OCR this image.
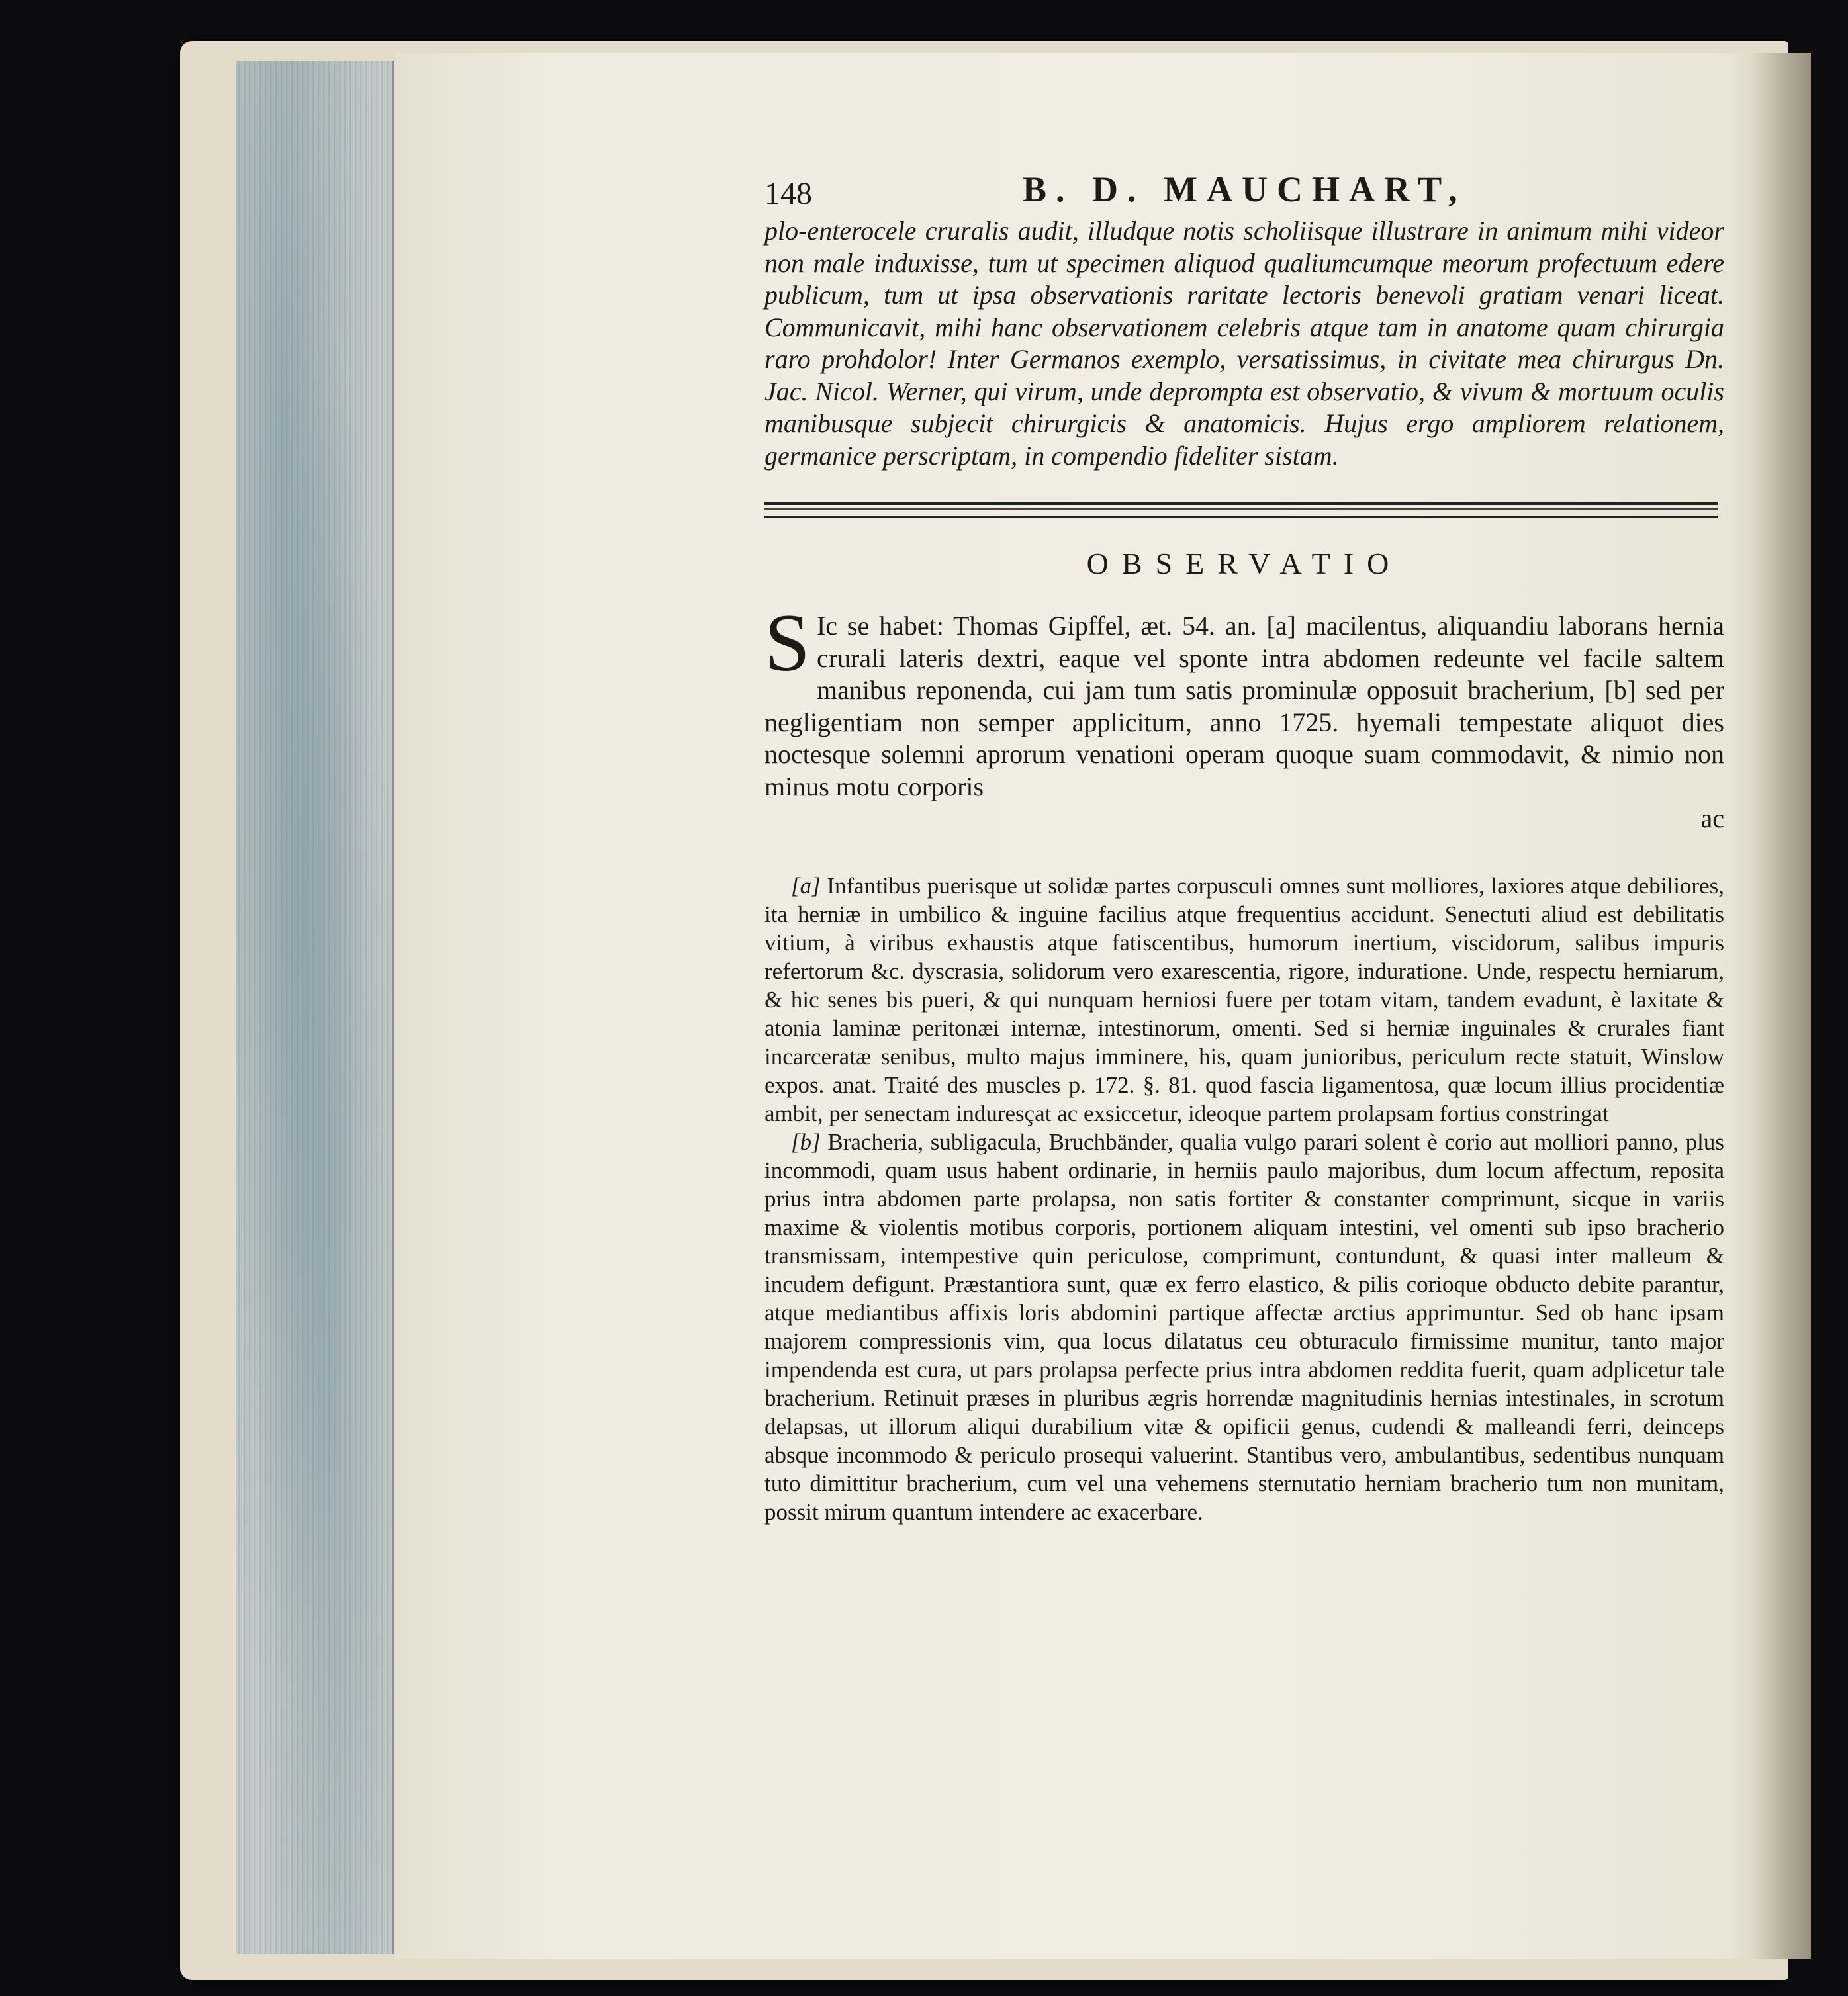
148	B. D. MAUCHART,

plo-enterocele cruralis audit, illudque notis scholiisque illustrare in animum mihi videor non male induxisse, tum ut specimen aliquod qualiumcumque meorum profectuum edere publicum, tum ut ipsa observationis raritate lectoris benevoli gratiam venari liceat. Communicavit, mihi hanc observationem celebris atque tam in anatome quam chirurgia raro prohdolor! Inter Germanos exemplo, versatissimus, in civitate mea chirurgus Dn. Jac. Nicol. Werner, qui virum, unde deprompta est observatio, & vivum & mortuum oculis manibusque subjecit chirurgicis & anatomicis. Hujus ergo ampliorem relationem, germanice perscriptam, in compendio fideliter sistam.

OBSERVATIO

S Ic se habet: Thomas Gipffel, æt. 54. an. [a] macilentus, aliquandiu laborans hernia crurali lateris dextri, eaque vel sponte intra abdomen redeunte vel facile saltem manibus reponenda, cui jam tum satis prominulæ opposuit bracherium, [b] sed per negligentiam non semper applicitum, anno 1725. hyemali tempestate aliquot dies noctesque solemni aprorum venationi operam quoque suam commodavit, & nimio non minus motu corporis

ac

[a] Infantibus puerisque ut solidæ partes corpusculi omnes sunt molliores, laxiores atque debiliores, ita herniæ in umbilico & inguine facilius atque frequentius accidunt. Senectuti aliud est debilitatis vitium, à viribus exhaustis atque fatiscentibus, humorum inertium, viscidorum, salibus impuris refertorum &c. dyscrasia, solidorum vero exarescentia, rigore, induratione. Unde, respectu herniarum, & hic senes bis pueri, & qui nunquam herniosi fuere per totam vitam, tandem evadunt, è laxitate & atonia laminæ peritonæi internæ, intestinorum, omenti. Sed si herniæ inguinales & crurales fiant incarceratæ senibus, multo majus imminere, his, quam junioribus, periculum recte statuit, Winslow expos. anat. Traité des muscles p. 172. §. 81. quod fascia ligamentosa, quæ locum illius procidentiæ ambit, per senectam induresçat ac exsiccetur, ideoque partem prolapsam fortius constringat

[b] Bracheria, subligacula, Bruchbänder, qualia vulgo parari solent è corio aut molliori panno, plus incommodi, quam usus habent ordinarie, in herniis paulo majoribus, dum locum affectum, reposita prius intra abdomen parte prolapsa, non satis fortiter & constanter comprimunt, sicque in variis maxime & violentis motibus corporis, portionem aliquam intestini, vel omenti sub ipso bracherio transmissam, intempestive quin periculose, comprimunt, contundunt, & quasi inter malleum & incudem defigunt. Præstantiora sunt, quæ ex ferro elastico, & pilis corioque obducto debite parantur, atque mediantibus affixis loris abdomini partique affectæ arctius apprimuntur. Sed ob hanc ipsam majorem compressionis vim, qua locus dilatatus ceu obturaculo firmissime munitur, tanto major impendenda est cura, ut pars prolapsa perfecte prius intra abdomen reddita fuerit, quam adplicetur tale bracherium. Retinuit præses in pluribus ægris horrendæ magnitudinis hernias intestinales, in scrotum delapsas, ut illorum aliqui durabilium vitæ & opificii genus, cudendi & malleandi ferri, deinceps absque incommodo & periculo prosequi valuerint. Stantibus vero, ambulantibus, sedentibus nunquam tuto dimittitur bracherium, cum vel una vehemens sternutatio herniam bracherio tum non munitam, possit mirum quantum intendere ac exacerbare.
